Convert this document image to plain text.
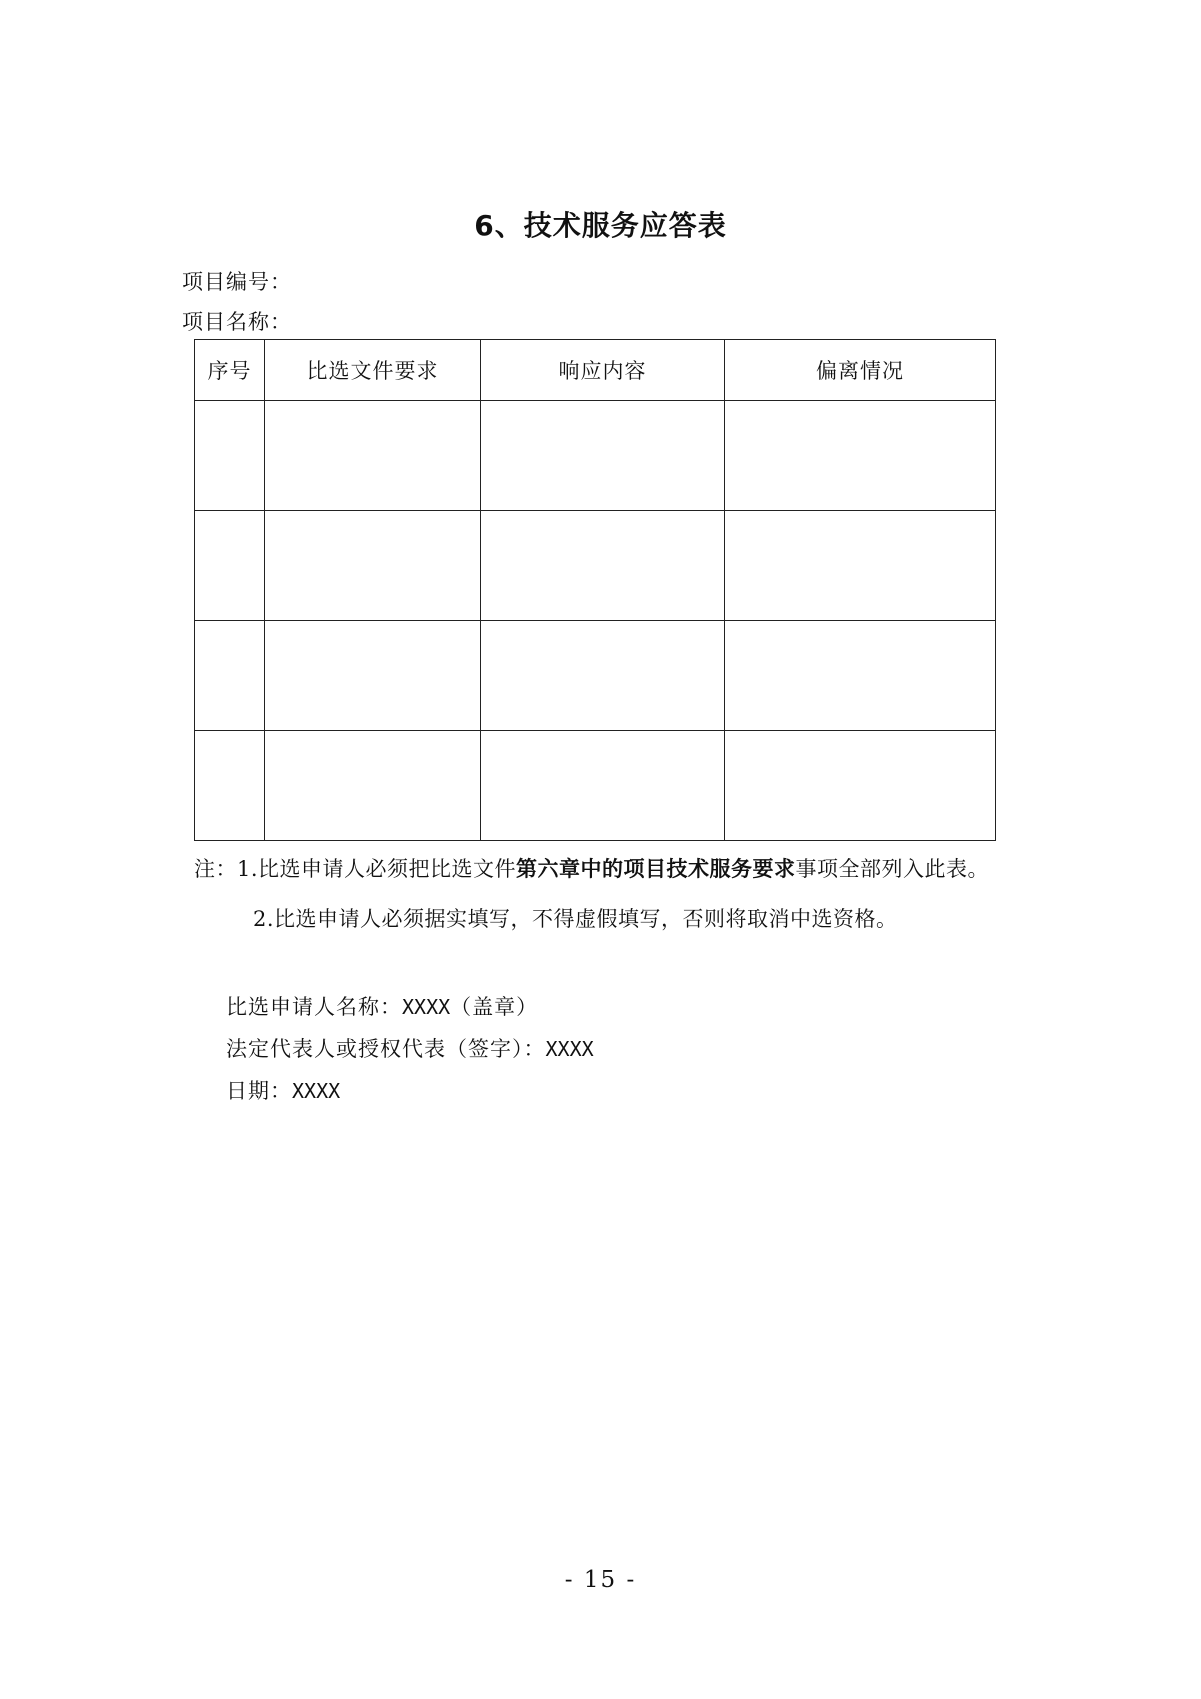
6、技术服务应答表
项目编号：
项目名称：
序号	比选文件要求	响应内容	偏离情况

注：1.比选申请人必须把比选文件第六章中的项目技术服务要求事项全部列入此表。
2.比选申请人必须据实填写，不得虚假填写，否则将取消中选资格。
比选申请人名称：XXXX（盖章）
法定代表人或授权代表（签字）：XXXX
日期：XXXX
- 15 -
